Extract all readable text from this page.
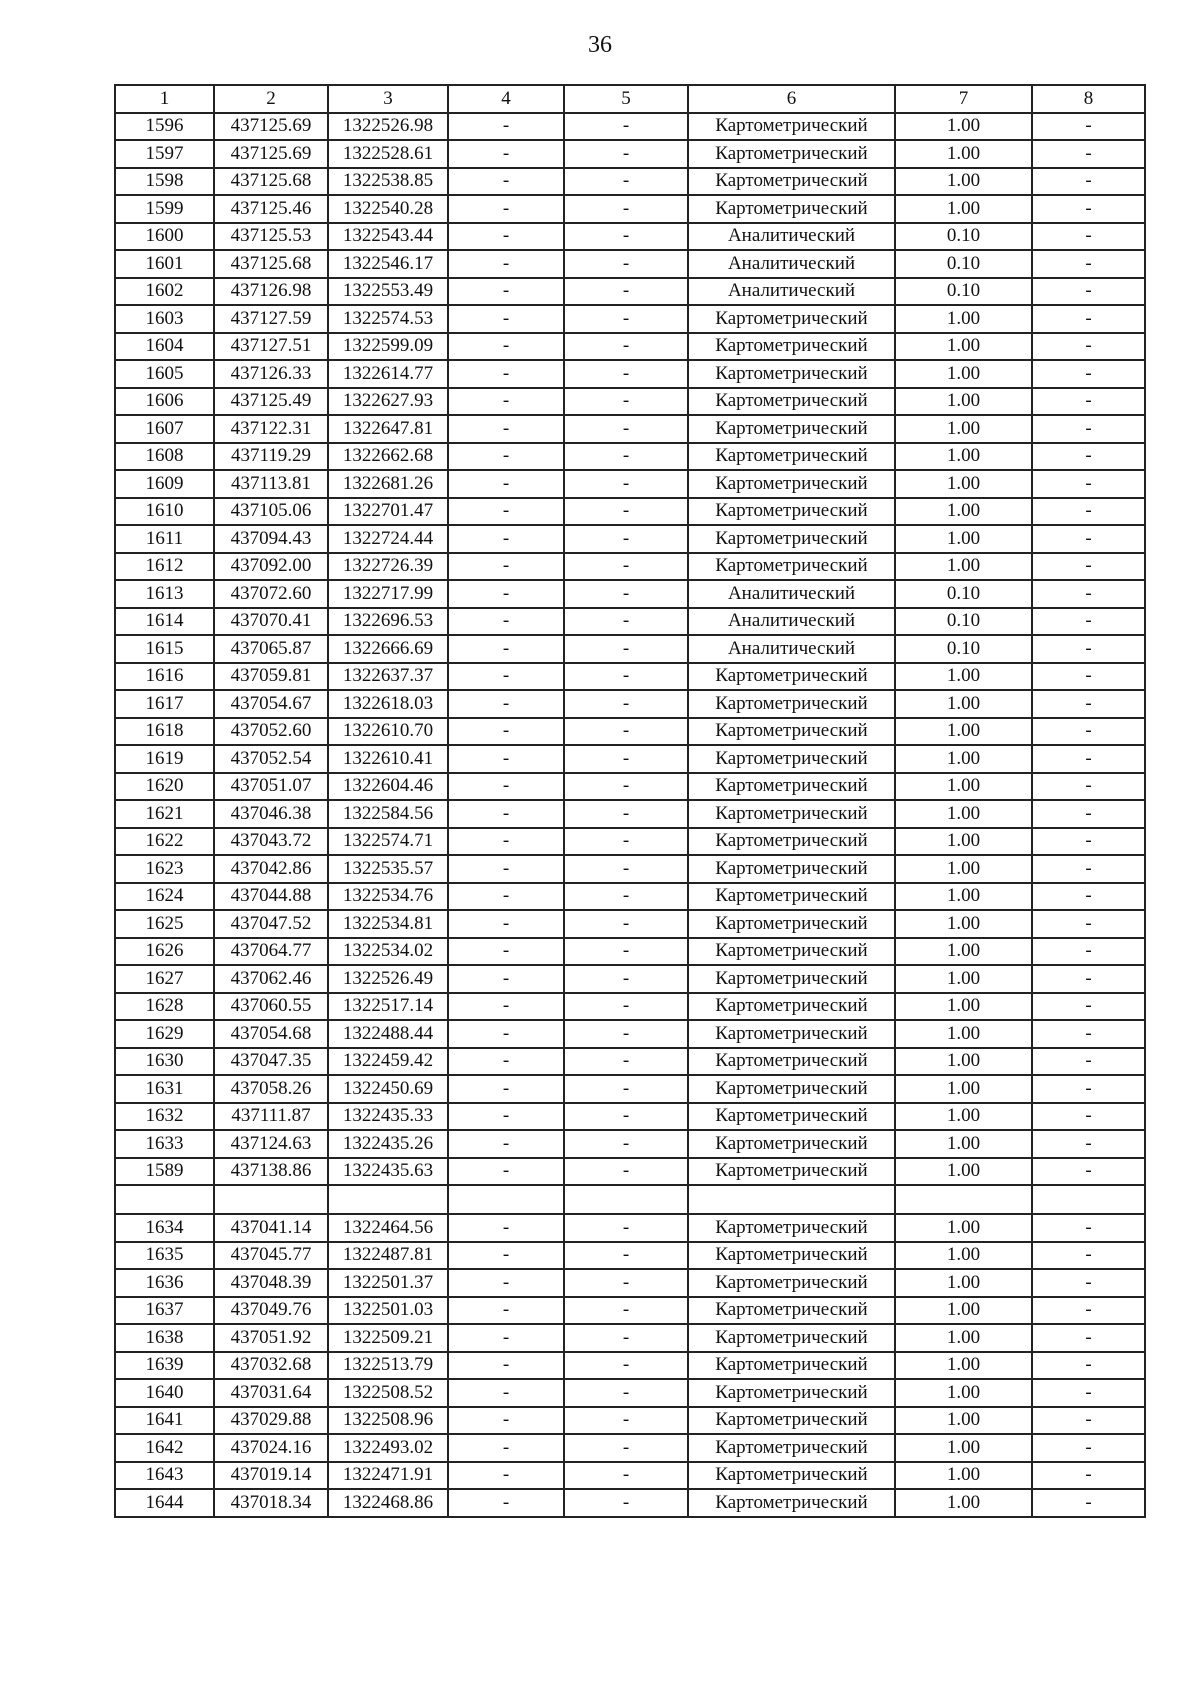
36
1	2	3	4	5	6	7	8
1596	437125.69	1322526.98	-	-	Картометрический	1.00	-
1597	437125.69	1322528.61	-	-	Картометрический	1.00	-
1598	437125.68	1322538.85	-	-	Картометрический	1.00	-
1599	437125.46	1322540.28	-	-	Картометрический	1.00	-
1600	437125.53	1322543.44	-	-	Аналитический	0.10	-
1601	437125.68	1322546.17	-	-	Аналитический	0.10	-
1602	437126.98	1322553.49	-	-	Аналитический	0.10	-
1603	437127.59	1322574.53	-	-	Картометрический	1.00	-
1604	437127.51	1322599.09	-	-	Картометрический	1.00	-
1605	437126.33	1322614.77	-	-	Картометрический	1.00	-
1606	437125.49	1322627.93	-	-	Картометрический	1.00	-
1607	437122.31	1322647.81	-	-	Картометрический	1.00	-
1608	437119.29	1322662.68	-	-	Картометрический	1.00	-
1609	437113.81	1322681.26	-	-	Картометрический	1.00	-
1610	437105.06	1322701.47	-	-	Картометрический	1.00	-
1611	437094.43	1322724.44	-	-	Картометрический	1.00	-
1612	437092.00	1322726.39	-	-	Картометрический	1.00	-
1613	437072.60	1322717.99	-	-	Аналитический	0.10	-
1614	437070.41	1322696.53	-	-	Аналитический	0.10	-
1615	437065.87	1322666.69	-	-	Аналитический	0.10	-
1616	437059.81	1322637.37	-	-	Картометрический	1.00	-
1617	437054.67	1322618.03	-	-	Картометрический	1.00	-
1618	437052.60	1322610.70	-	-	Картометрический	1.00	-
1619	437052.54	1322610.41	-	-	Картометрический	1.00	-
1620	437051.07	1322604.46	-	-	Картометрический	1.00	-
1621	437046.38	1322584.56	-	-	Картометрический	1.00	-
1622	437043.72	1322574.71	-	-	Картометрический	1.00	-
1623	437042.86	1322535.57	-	-	Картометрический	1.00	-
1624	437044.88	1322534.76	-	-	Картометрический	1.00	-
1625	437047.52	1322534.81	-	-	Картометрический	1.00	-
1626	437064.77	1322534.02	-	-	Картометрический	1.00	-
1627	437062.46	1322526.49	-	-	Картометрический	1.00	-
1628	437060.55	1322517.14	-	-	Картометрический	1.00	-
1629	437054.68	1322488.44	-	-	Картометрический	1.00	-
1630	437047.35	1322459.42	-	-	Картометрический	1.00	-
1631	437058.26	1322450.69	-	-	Картометрический	1.00	-
1632	437111.87	1322435.33	-	-	Картометрический	1.00	-
1633	437124.63	1322435.26	-	-	Картометрический	1.00	-
1589	437138.86	1322435.63	-	-	Картометрический	1.00	-

1634	437041.14	1322464.56	-	-	Картометрический	1.00	-
1635	437045.77	1322487.81	-	-	Картометрический	1.00	-
1636	437048.39	1322501.37	-	-	Картометрический	1.00	-
1637	437049.76	1322501.03	-	-	Картометрический	1.00	-
1638	437051.92	1322509.21	-	-	Картометрический	1.00	-
1639	437032.68	1322513.79	-	-	Картометрический	1.00	-
1640	437031.64	1322508.52	-	-	Картометрический	1.00	-
1641	437029.88	1322508.96	-	-	Картометрический	1.00	-
1642	437024.16	1322493.02	-	-	Картометрический	1.00	-
1643	437019.14	1322471.91	-	-	Картометрический	1.00	-
1644	437018.34	1322468.86	-	-	Картометрический	1.00	-
